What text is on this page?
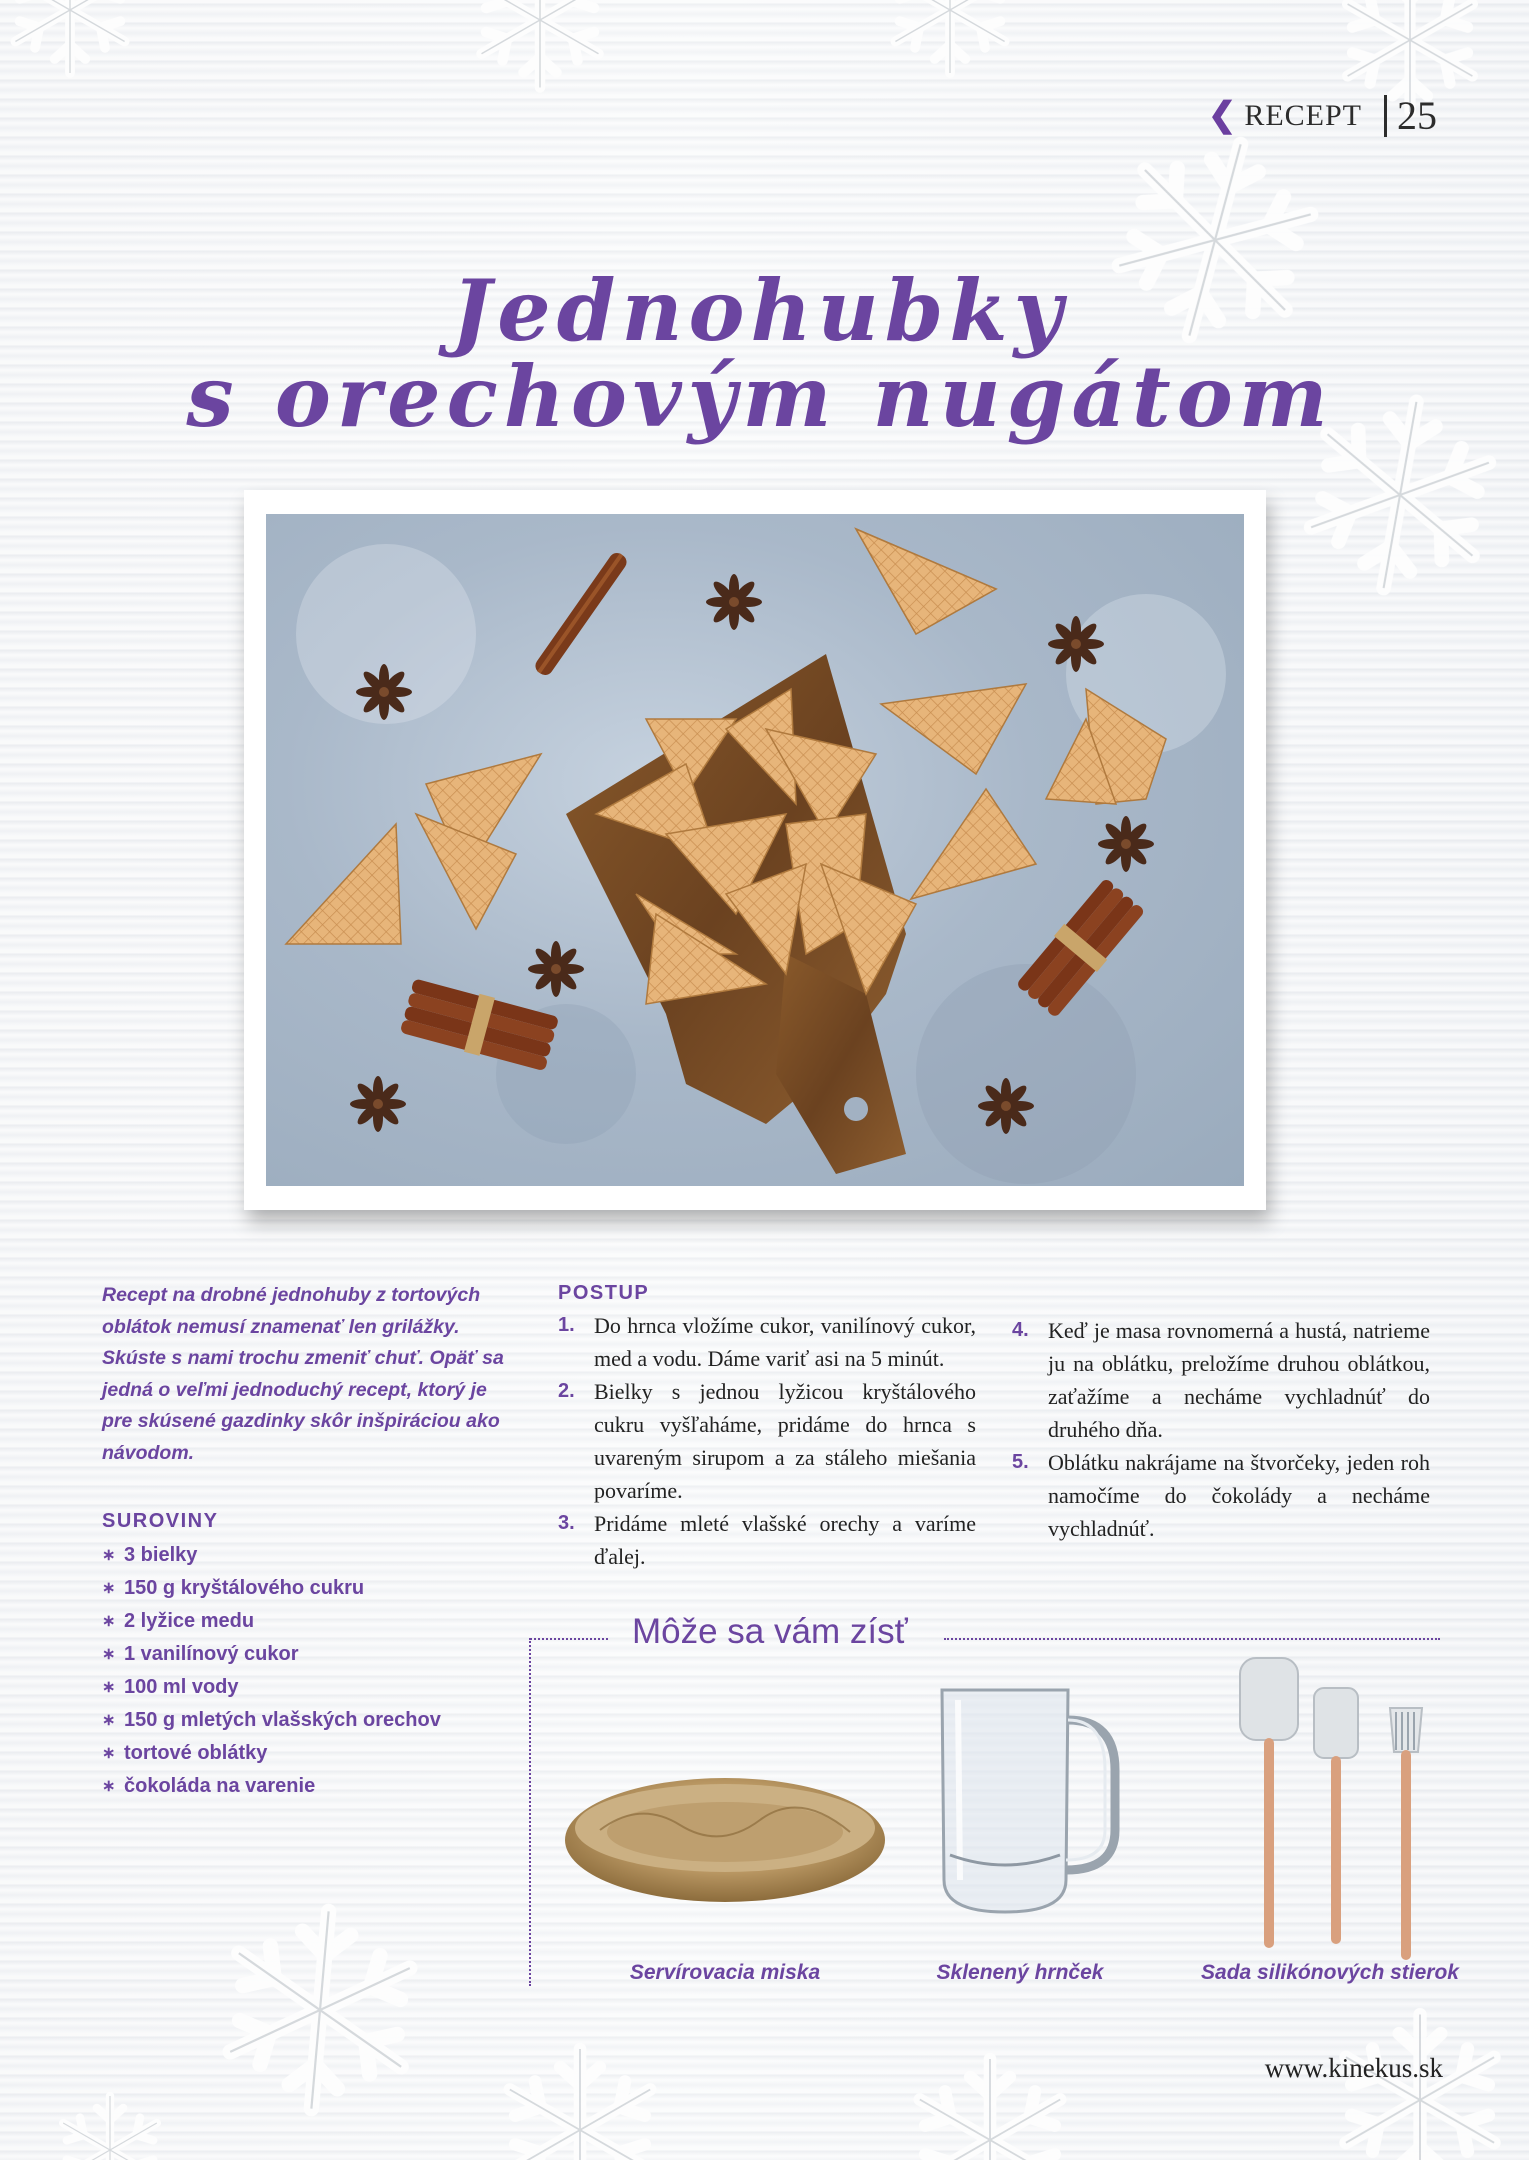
❮ RECEPT 25
Jednohubky
s orechovým nugátom

Recept na drobné jednohuby z tortových oblátok nemusí znamenať len grilážky. Skúste s nami trochu zmeniť chuť. Opäť sa jedná o veľmi jednoduchý recept, ktorý je pre skúsené gazdinky skôr inšpiráciou ako návodom.

SUROVINY
∗ 3 bielky
∗ 150 g kryštálového cukru
∗ 2 lyžice medu
∗ 1 vanilínový cukor
∗ 100 ml vody
∗ 150 g mletých vlašských orechov
∗ tortové oblátky
∗ čokoláda na varenie
POSTUP
1. Do hrnca vložíme cukor, vanilínový cukor, med a vodu. Dáme variť asi na 5 minút.
2. Bielky s jednou lyžicou kryštálového cukru vyšľaháme, pridáme do hrnca s uvareným sirupom a za stáleho miešania povaríme.
3. Pridáme mleté vlašské orechy a varíme ďalej.
4. Keď je masa rovnomerná a hustá, natrieme ju na oblátku, preložíme druhou oblátkou, zaťažíme a necháme vychladnúť do druhého dňa.
5. Oblátku nakrájame na štvorčeky, jeden roh namočíme do čokolády a necháme vychladnúť.
Môže sa vám zísť
Servírovacia miska	Sklenený hrnček	Sada silikónových stierok
www.kinekus.sk
